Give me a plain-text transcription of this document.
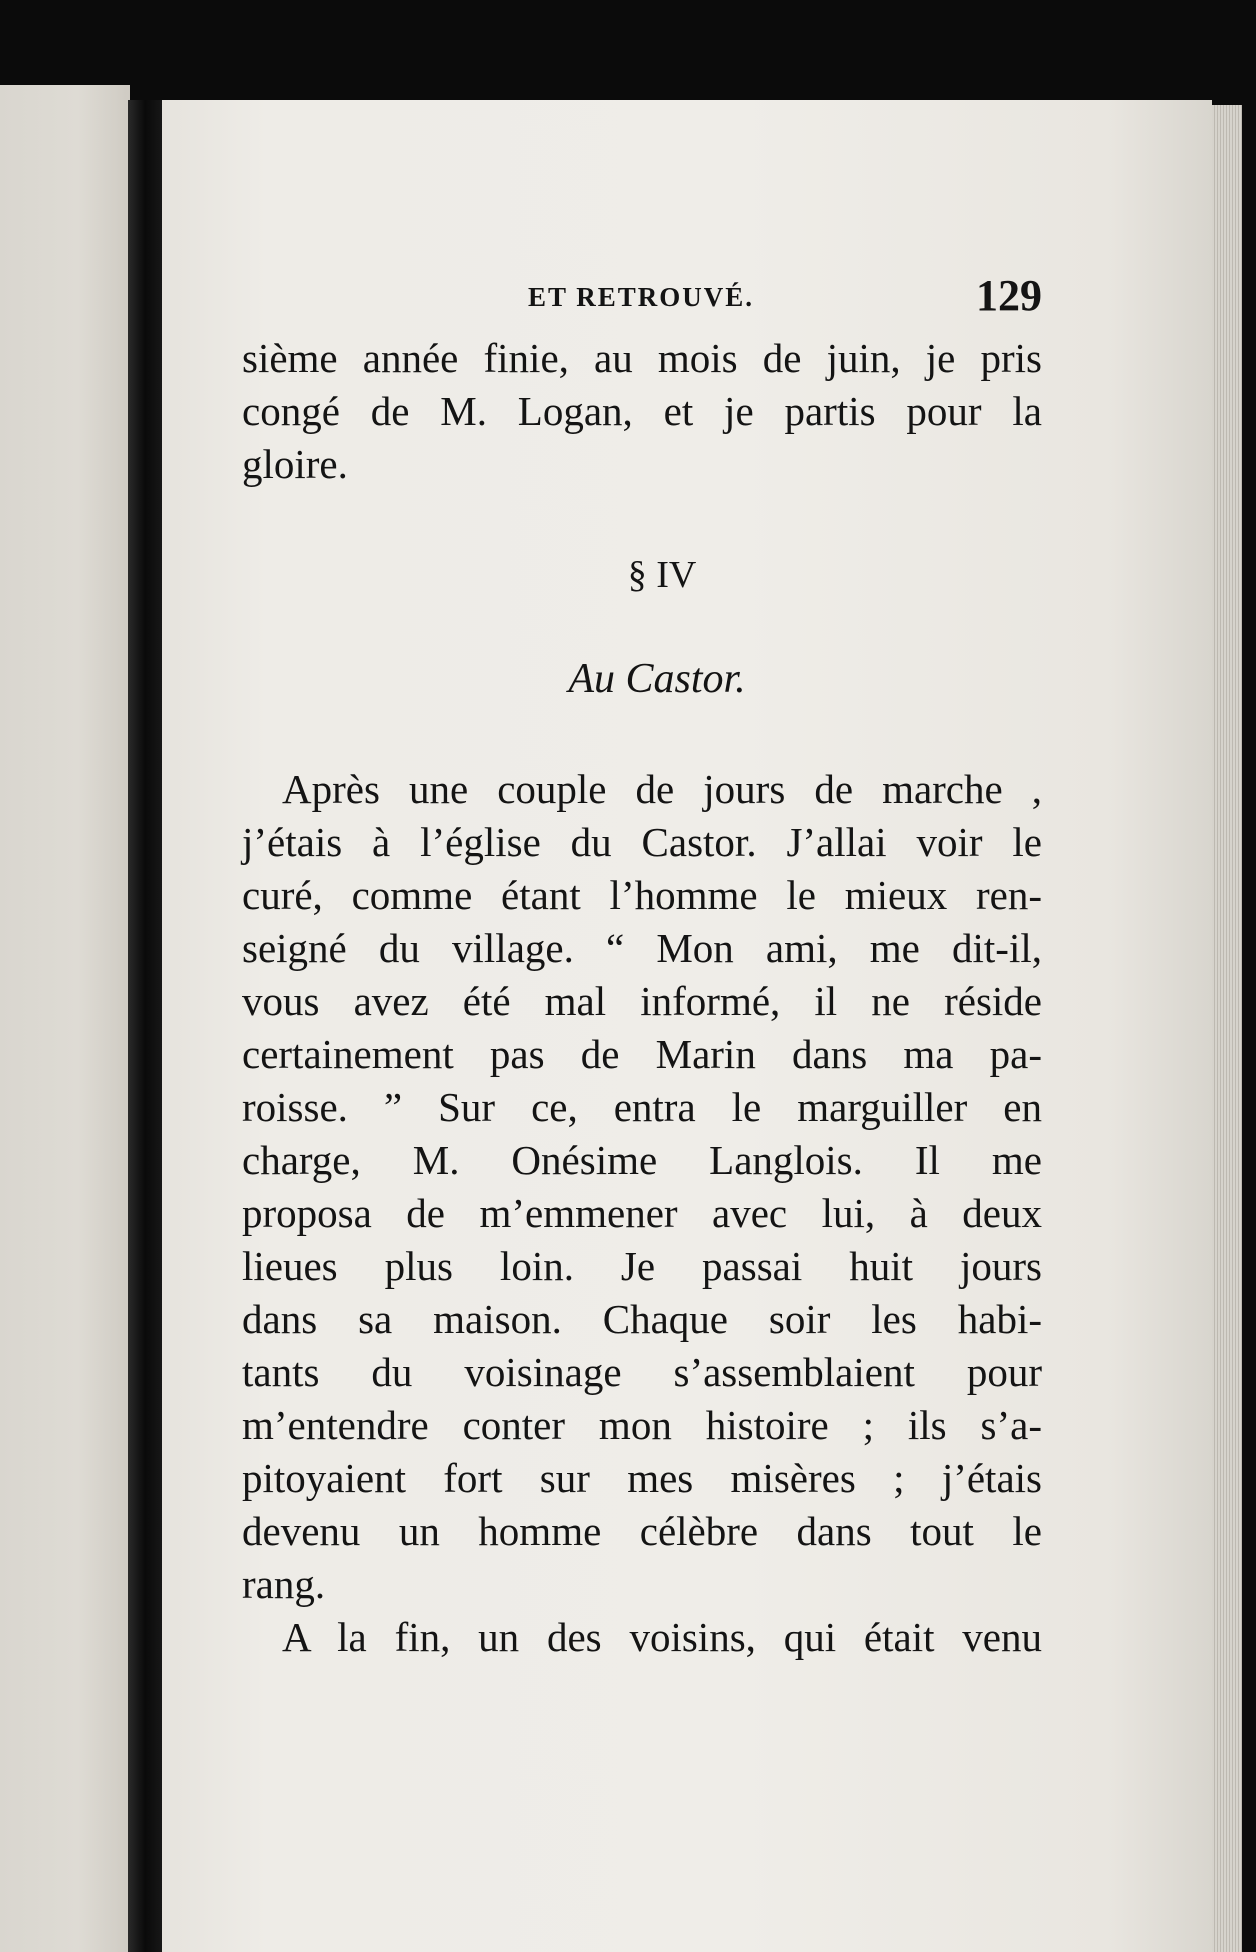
ET RETROUVÉ.	129
sième année finie, au mois de juin, je pris
congé de M. Logan, et je partis pour la
gloire.
§ IV
Au Castor.
Après une couple de jours de marche ,
j’étais à l’église du Castor. J’allai voir le
curé, comme étant l’homme le mieux ren-
seigné du village. “ Mon ami, me dit-il,
vous avez été mal informé, il ne réside
certainement pas de Marin dans ma pa-
roisse. ” Sur ce, entra le marguiller en
charge, M. Onésime Langlois. Il me
proposa de m’emmener avec lui, à deux
lieues plus loin. Je passai huit jours
dans sa maison. Chaque soir les habi-
tants du voisinage s’assemblaient pour
m’entendre conter mon histoire ; ils s’a-
pitoyaient fort sur mes misères ; j’étais
devenu un homme célèbre dans tout le
rang.
A la fin, un des voisins, qui était venu
